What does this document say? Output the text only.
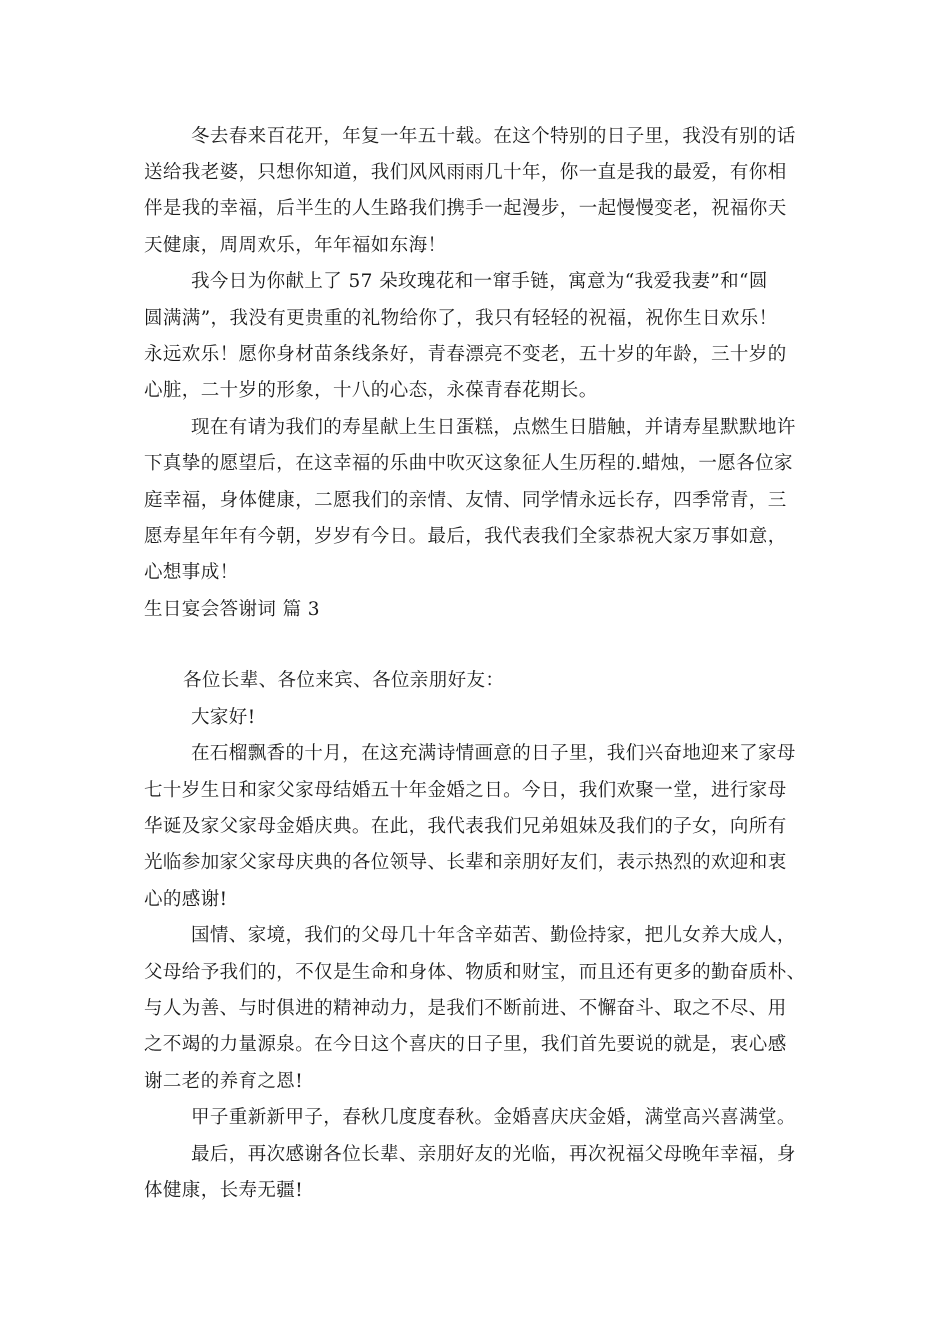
冬去春来百花开，年复一年五十载。在这个特别的日子里，我没有别的话

送给我老婆，只想你知道，我们风风雨雨几十年，你一直是我的最爱，有你相

伴是我的幸福，后半生的人生路我们携手一起漫步，一起慢慢变老，祝福你天

天健康，周周欢乐，年年福如东海！

我今日为你献上了 57 朵玫瑰花和一窜手链，寓意为“我爱我妻”和“圆

圆满满”，我没有更贵重的礼物给你了，我只有轻轻的祝福，祝你生日欢乐！

永远欢乐！愿你身材苗条线条好，青春漂亮不变老，五十岁的年龄，三十岁的

心脏，二十岁的形象，十八的心态，永葆青春花期长。

现在有请为我们的寿星献上生日蛋糕，点燃生日腊触，并请寿星默默地许

下真挚的愿望后，在这幸福的乐曲中吹灭这象征人生历程的.蜡烛，一愿各位家

庭幸福，身体健康，二愿我们的亲情、友情、同学情永远长存，四季常青，三

愿寿星年年有今朝，岁岁有今日。最后，我代表我们全家恭祝大家万事如意，

心想事成！

生日宴会答谢词 篇 3

各位长辈、各位来宾、各位亲朋好友：

大家好!

在石榴飘香的十月，在这充满诗情画意的日子里，我们兴奋地迎来了家母

七十岁生日和家父家母结婚五十年金婚之日。今日，我们欢聚一堂，进行家母

华诞及家父家母金婚庆典。在此，我代表我们兄弟姐妹及我们的子女，向所有

光临参加家父家母庆典的各位领导、长辈和亲朋好友们，表示热烈的欢迎和衷

心的感谢!

国情、家境，我们的父母几十年含辛茹苦、勤俭持家，把儿女养大成人，

父母给予我们的，不仅是生命和身体、物质和财宝，而且还有更多的勤奋质朴、

与人为善、与时俱进的精神动力，是我们不断前进、不懈奋斗、取之不尽、用

之不竭的力量源泉。在今日这个喜庆的日子里，我们首先要说的就是，衷心感

谢二老的养育之恩!

甲子重新新甲子，春秋几度度春秋。金婚喜庆庆金婚，满堂高兴喜满堂。

最后，再次感谢各位长辈、亲朋好友的光临，再次祝福父母晚年幸福，身

体健康，长寿无疆!
